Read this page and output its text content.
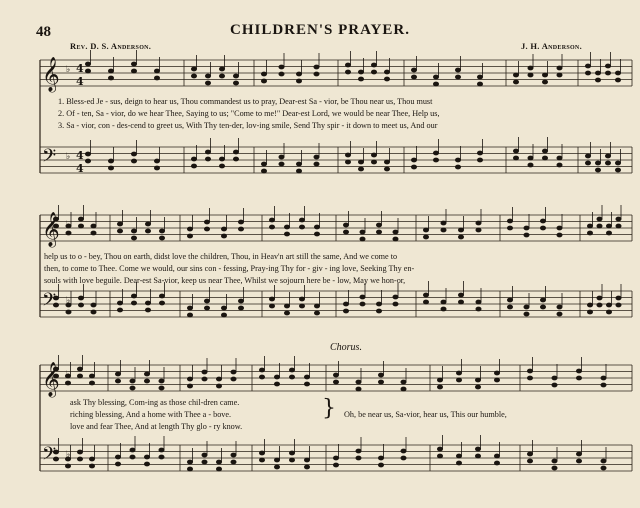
48	CHILDREN'S PRAYER.
Rev. D. S. Anderson.	J. H. Anderson.
𝄞 ♭ 4
4
𝄢 ♭ 4
4
𝄞 ♭
𝄢 ♭
𝄞 ♭
𝄢 ♭
1. Bless-ed Je - sus, deign to hear us, Thou commandest us to pray, Dear-est Sa - vior, be Thou near us, Thou must
2. Of - ten, Sa - vior, do we hear Thee, Saying to us; "Come to me!" Dear-est Lord, we would be near Thee, Help us,
3. Sa - vior, con - des-cend to greet us, With Thy ten-der, lov-ing smile, Send Thy spir - it down to meet us, And our
help us to o - bey, Thou on earth, didst love the children, Thou, in Heav'n art still the same, And we come to
then, to come to Thee. Come we would, our sins con - fessing, Pray-ing Thy for - giv - ing love, Seeking Thy en-
souls with love beguile. Dear-est Sa-vior, keep us near Thee, Whilst we sojourn here be - low, May we hon-or,
Chorus.
ask Thy blessing, Com-ing as those chil-dren came.
riching blessing, And a home with Thee a - bove.
love and fear Thee, And at length Thy glo - ry know.
} Oh, be near us, Sa-vior, hear us, This our humble,
